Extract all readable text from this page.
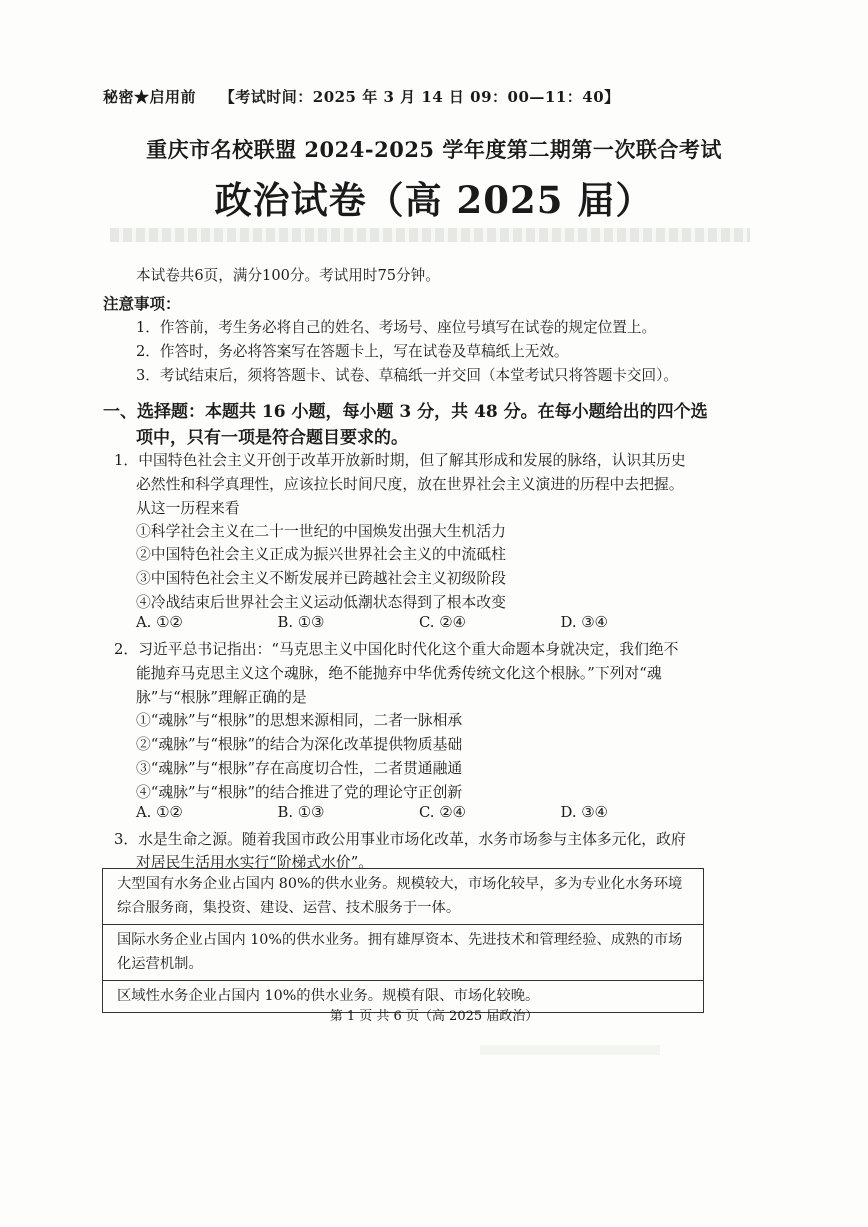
秘密★启用前 【考试时间：2025 年 3 月 14 日 09：00—11：40】
重庆市名校联盟 2024-2025 学年度第二期第一次联合考试
政治试卷（高 2025 届）
本试卷共6页，满分100分。考试用时75分钟。
注意事项：
1．作答前，考生务必将自己的姓名、考场号、座位号填写在试卷的规定位置上。
2．作答时，务必将答案写在答题卡上，写在试卷及草稿纸上无效。
3．考试结束后，须将答题卡、试卷、草稿纸一并交回（本堂考试只将答题卡交回）。
一、选择题：本题共 16 小题，每小题 3 分，共 48 分。在每小题给出的四个选
项中，只有一项是符合题目要求的。
1．中国特色社会主义开创于改革开放新时期，但了解其形成和发展的脉络，认识其历史
必然性和科学真理性，应该拉长时间尺度，放在世界社会主义演进的历程中去把握。
从这一历程来看
①科学社会主义在二十一世纪的中国焕发出强大生机活力
②中国特色社会主义正成为振兴世界社会主义的中流砥柱
③中国特色社会主义不断发展并已跨越社会主义初级阶段
④冷战结束后世界社会主义运动低潮状态得到了根本改变
A. ①②	B. ①③	C. ②④	D. ③④
2．习近平总书记指出：“马克思主义中国化时代化这个重大命题本身就决定，我们绝不
能抛弃马克思主义这个魂脉，绝不能抛弃中华优秀传统文化这个根脉。”下列对“魂
脉”与“根脉”理解正确的是
①“魂脉”与“根脉”的思想来源相同，二者一脉相承
②“魂脉”与“根脉”的结合为深化改革提供物质基础
③“魂脉”与“根脉”存在高度切合性，二者贯通融通
④“魂脉”与“根脉”的结合推进了党的理论守正创新
A. ①②	B. ①③	C. ②④	D. ③④
3．水是生命之源。随着我国市政公用事业市场化改革，水务市场参与主体多元化，政府
对居民生活用水实行“阶梯式水价”。
大型国有水务企业占国内 80%的供水业务。规模较大，市场化较早，多为专业化水务环境综合服务商，集投资、建设、运营、技术服务于一体。
国际水务企业占国内 10%的供水业务。拥有雄厚资本、先进技术和管理经验、成熟的市场化运营机制。
区域性水务企业占国内 10%的供水业务。规模有限、市场化较晚。
第 1 页 共 6 页（高 2025 届政治）
